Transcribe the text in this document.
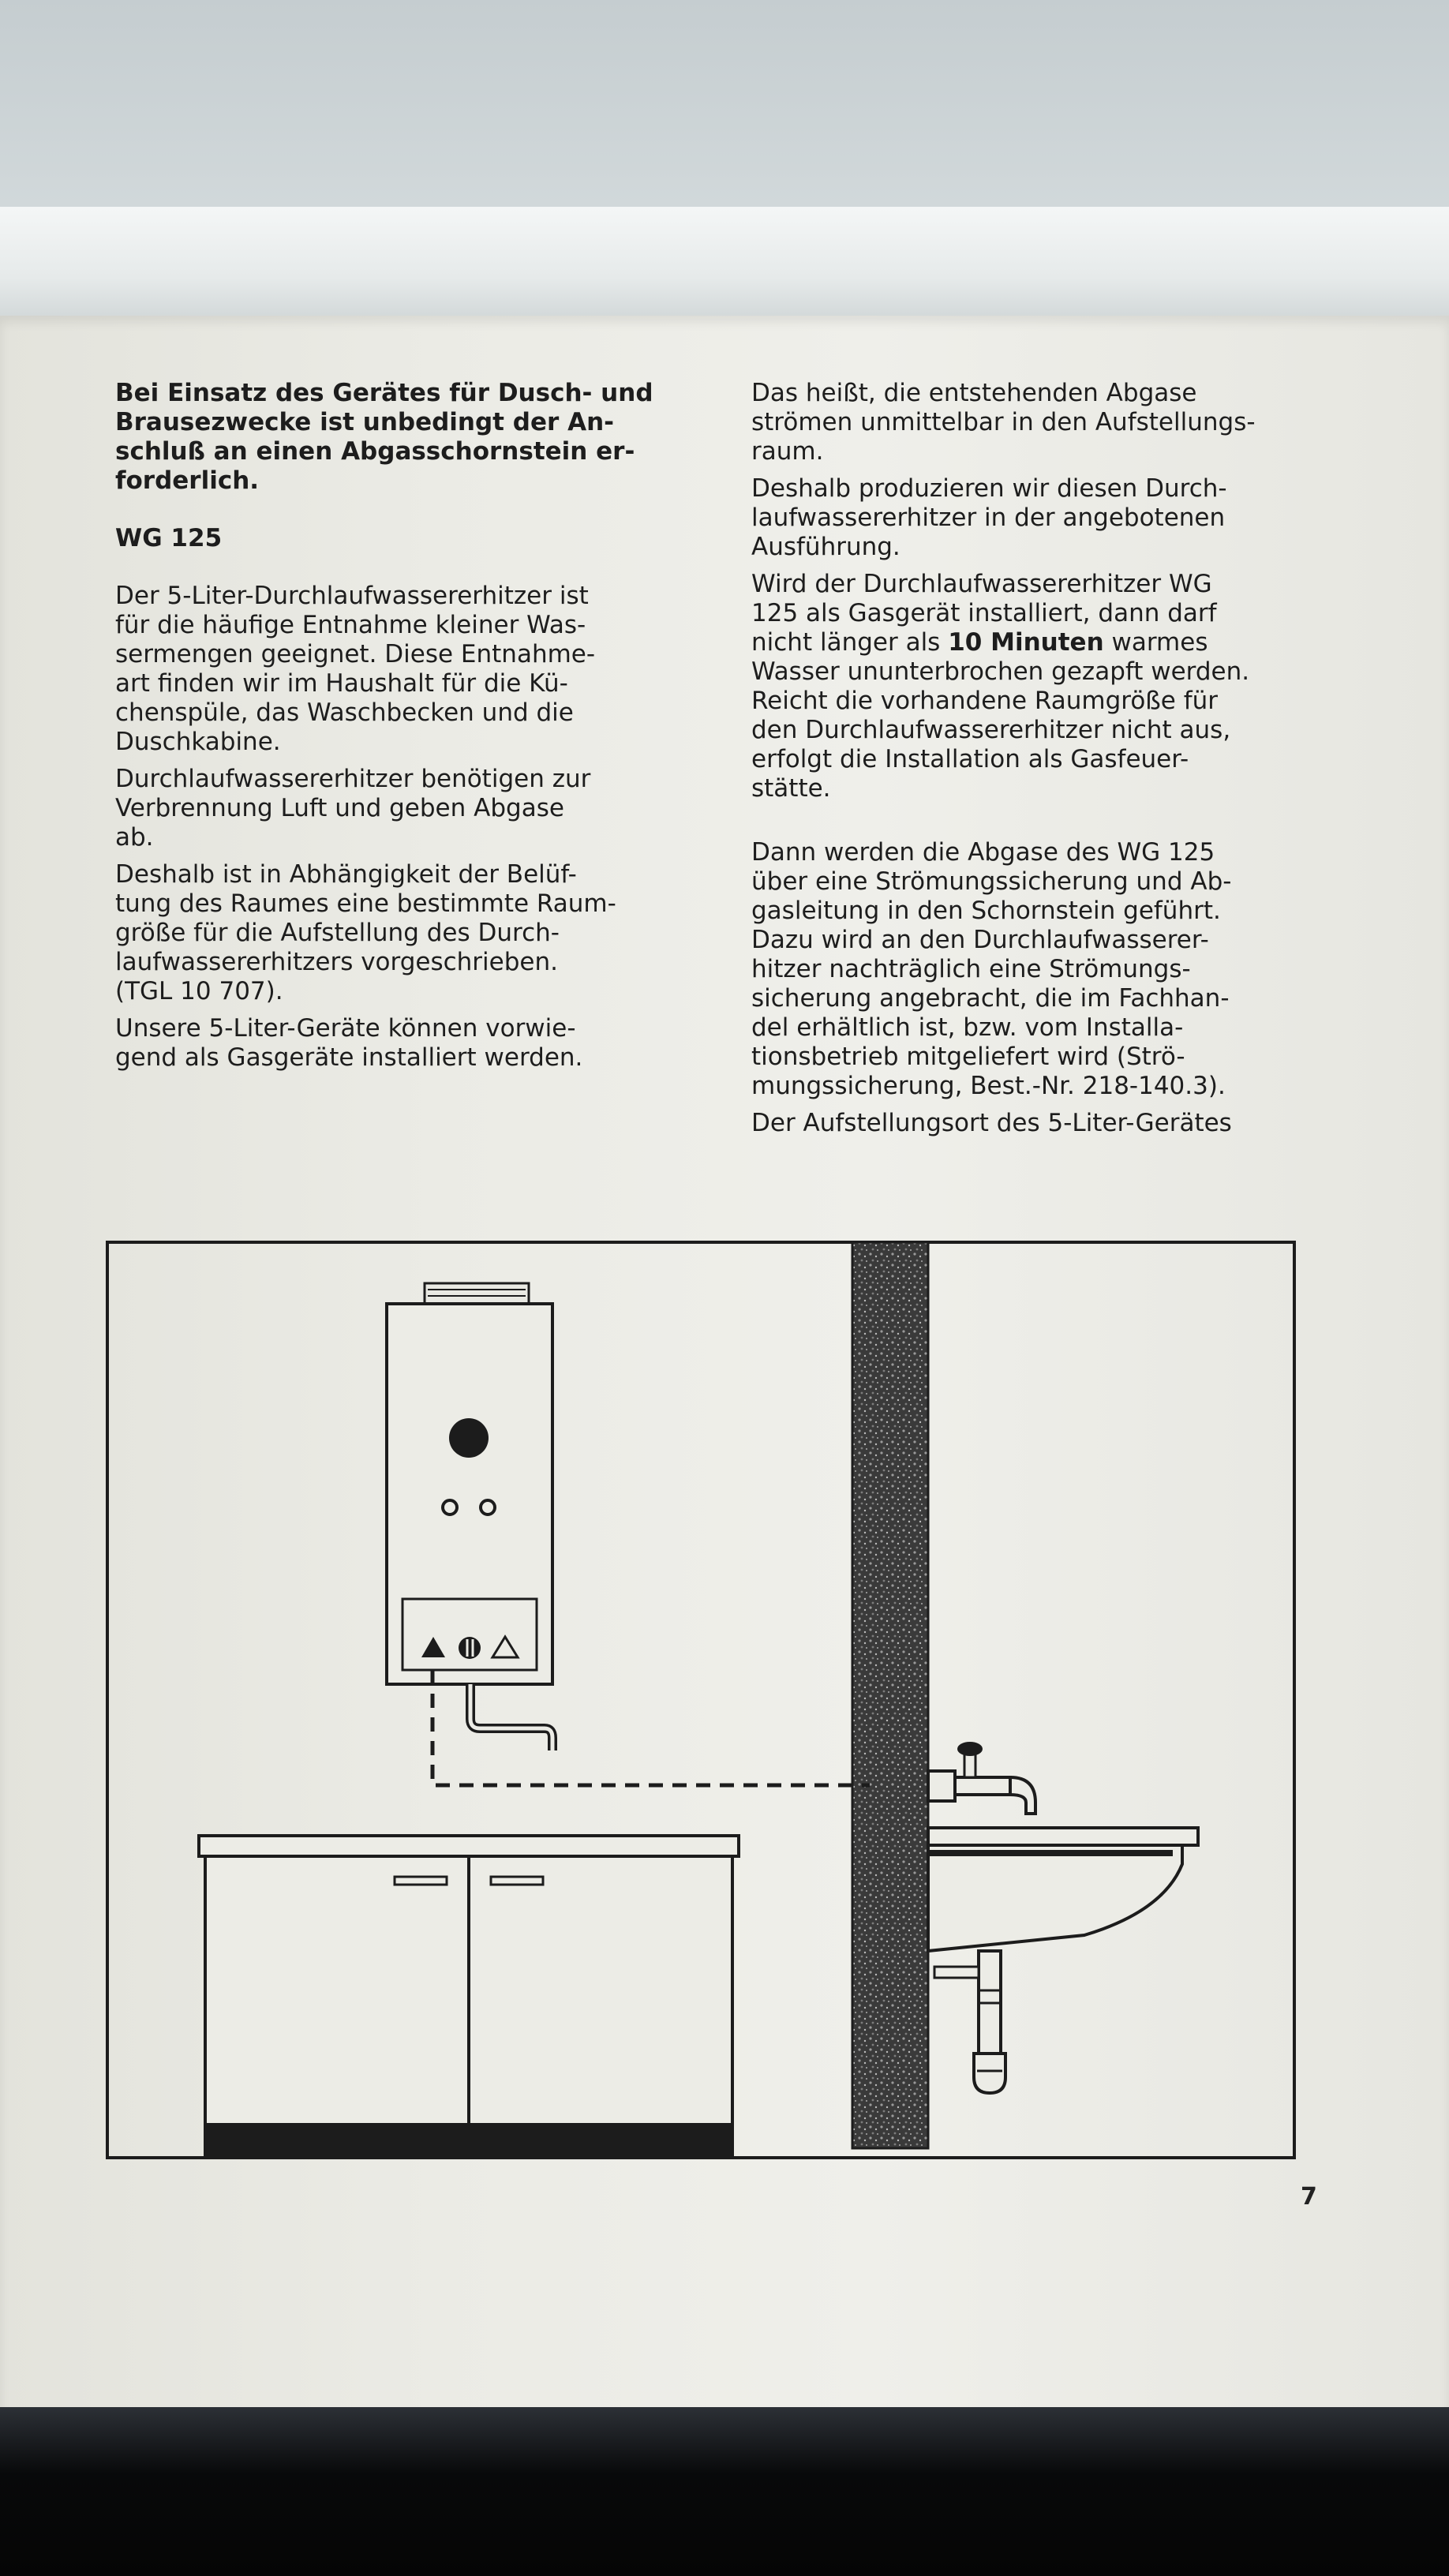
Bei Einsatz des Gerätes für Dusch- und
Brausezwecke ist unbedingt der An-
schluß an einen Abgasschornstein er-
forderlich.

WG 125

Der 5-Liter-Durchlaufwassererhitzer ist
für die häufige Entnahme kleiner Was-
sermengen geeignet. Diese Entnahme-
art finden wir im Haushalt für die Kü-
chenspüle, das Waschbecken und die
Duschkabine.

Durchlaufwassererhitzer benötigen zur
Verbrennung Luft und geben Abgase
ab.

Deshalb ist in Abhängigkeit der Belüf-
tung des Raumes eine bestimmte Raum-
größe für die Aufstellung des Durch-
laufwassererhitzers vorgeschrieben.
(TGL 10 707).

Unsere 5-Liter-Geräte können vorwie-
gend als Gasgeräte installiert werden.

Das heißt, die entstehenden Abgase
strömen unmittelbar in den Aufstellungs-
raum.

Deshalb produzieren wir diesen Durch-
laufwassererhitzer in der angebotenen
Ausführung.

Wird der Durchlaufwassererhitzer WG
125 als Gasgerät installiert, dann darf
nicht länger als 10 Minuten warmes
Wasser ununterbrochen gezapft werden.
Reicht die vorhandene Raumgröße für
den Durchlaufwassererhitzer nicht aus,
erfolgt die Installation als Gasfeuer-
stätte.

Dann werden die Abgase des WG 125
über eine Strömungssicherung und Ab-
gasleitung in den Schornstein geführt.
Dazu wird an den Durchlaufwasserer-
hitzer nachträglich eine Strömungs-
sicherung angebracht, die im Fachhan-
del erhältlich ist, bzw. vom Installa-
tionsbetrieb mitgeliefert wird (Strö-
mungssicherung, Best.-Nr. 218-140.3).

Der Aufstellungsort des 5-Liter-Gerätes

7
